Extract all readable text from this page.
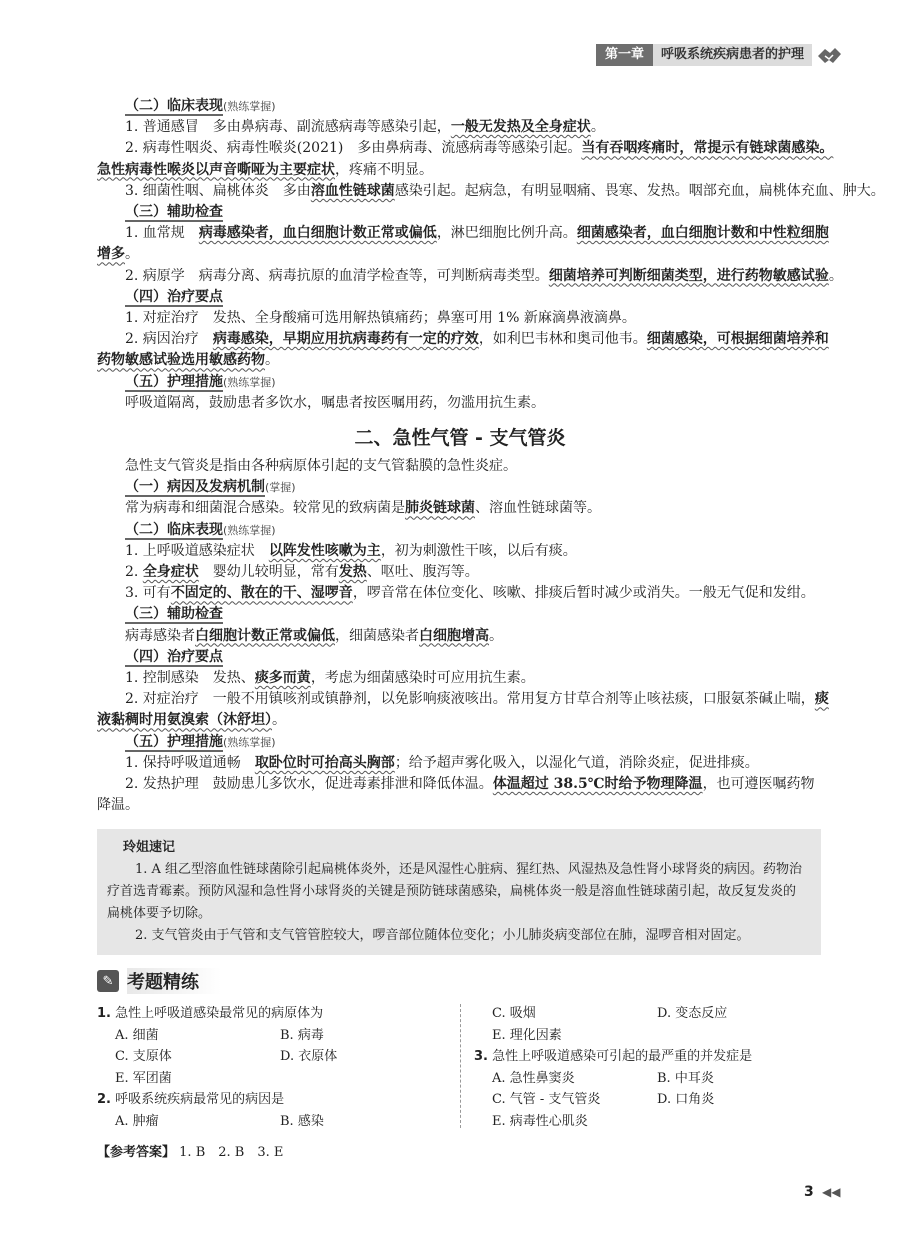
第一章	呼吸系统疾病患者的护理
（二）临床表现(熟练掌握)
1. 普通感冒　多由鼻病毒、副流感病毒等感染引起，一般无发热及全身症状。
2. 病毒性咽炎、病毒性喉炎(2021)　多由鼻病毒、流感病毒等感染引起。当有吞咽疼痛时，常提示有链球菌感染。
急性病毒性喉炎以声音嘶哑为主要症状，疼痛不明显。
3. 细菌性咽、扁桃体炎　多由溶血性链球菌感染引起。起病急，有明显咽痛、畏寒、发热。咽部充血，扁桃体充血、肿大。
（三）辅助检查
1. 血常规　病毒感染者，血白细胞计数正常或偏低，淋巴细胞比例升高。细菌感染者，血白细胞计数和中性粒细胞
增多。
2. 病原学　病毒分离、病毒抗原的血清学检查等，可判断病毒类型。细菌培养可判断细菌类型，进行药物敏感试验。
（四）治疗要点
1. 对症治疗　发热、全身酸痛可选用解热镇痛药；鼻塞可用 1% 新麻滴鼻液滴鼻。
2. 病因治疗　病毒感染，早期应用抗病毒药有一定的疗效，如利巴韦林和奥司他韦。细菌感染，可根据细菌培养和
药物敏感试验选用敏感药物。
（五）护理措施(熟练掌握)
呼吸道隔离，鼓励患者多饮水，嘱患者按医嘱用药，勿滥用抗生素。
二、急性气管 - 支气管炎
急性支气管炎是指由各种病原体引起的支气管黏膜的急性炎症。
（一）病因及发病机制(掌握)
常为病毒和细菌混合感染。较常见的致病菌是肺炎链球菌、溶血性链球菌等。
（二）临床表现(熟练掌握)
1. 上呼吸道感染症状　以阵发性咳嗽为主，初为刺激性干咳，以后有痰。
2. 全身症状　婴幼儿较明显，常有发热、呕吐、腹泻等。
3. 可有不固定的、散在的干、湿啰音，啰音常在体位变化、咳嗽、排痰后暂时减少或消失。一般无气促和发绀。
（三）辅助检查
病毒感染者白细胞计数正常或偏低，细菌感染者白细胞增高。
（四）治疗要点
1. 控制感染　发热、痰多而黄，考虑为细菌感染时可应用抗生素。
2. 对症治疗　一般不用镇咳剂或镇静剂，以免影响痰液咳出。常用复方甘草合剂等止咳祛痰，口服氨茶碱止喘，痰
液黏稠时用氨溴索（沐舒坦）。
（五）护理措施(熟练掌握)
1. 保持呼吸道通畅　取卧位时可抬高头胸部；给予超声雾化吸入，以湿化气道，消除炎症，促进排痰。
2. 发热护理　鼓励患儿多饮水，促进毒素排泄和降低体温。体温超过 38.5℃时给予物理降温，也可遵医嘱药物
降温。
玲姐速记
1. A 组乙型溶血性链球菌除引起扁桃体炎外，还是风湿性心脏病、猩红热、风湿热及急性肾小球肾炎的病因。药物治疗首选青霉素。预防风湿和急性肾小球肾炎的关键是预防链球菌感染，扁桃体炎一般是溶血性链球菌引起，故反复发炎的扁桃体要予切除。
2. 支气管炎由于气管和支气管管腔较大，啰音部位随体位变化；小儿肺炎病变部位在肺，湿啰音相对固定。
✎ 考题精练
1. 急性上呼吸道感染最常见的病原体为
A. 细菌	B. 病毒
C. 支原体	D. 衣原体
E. 军团菌
2. 呼吸系统疾病最常见的病因是
A. 肿瘤	B. 感染
C. 吸烟	D. 变态反应
E. 理化因素
3. 急性上呼吸道感染可引起的最严重的并发症是
A. 急性鼻窦炎	B. 中耳炎
C. 气管 - 支气管炎	D. 口角炎
E. 病毒性心肌炎
【参考答案】 1. B　2. B　3. E
3 ◀◀
